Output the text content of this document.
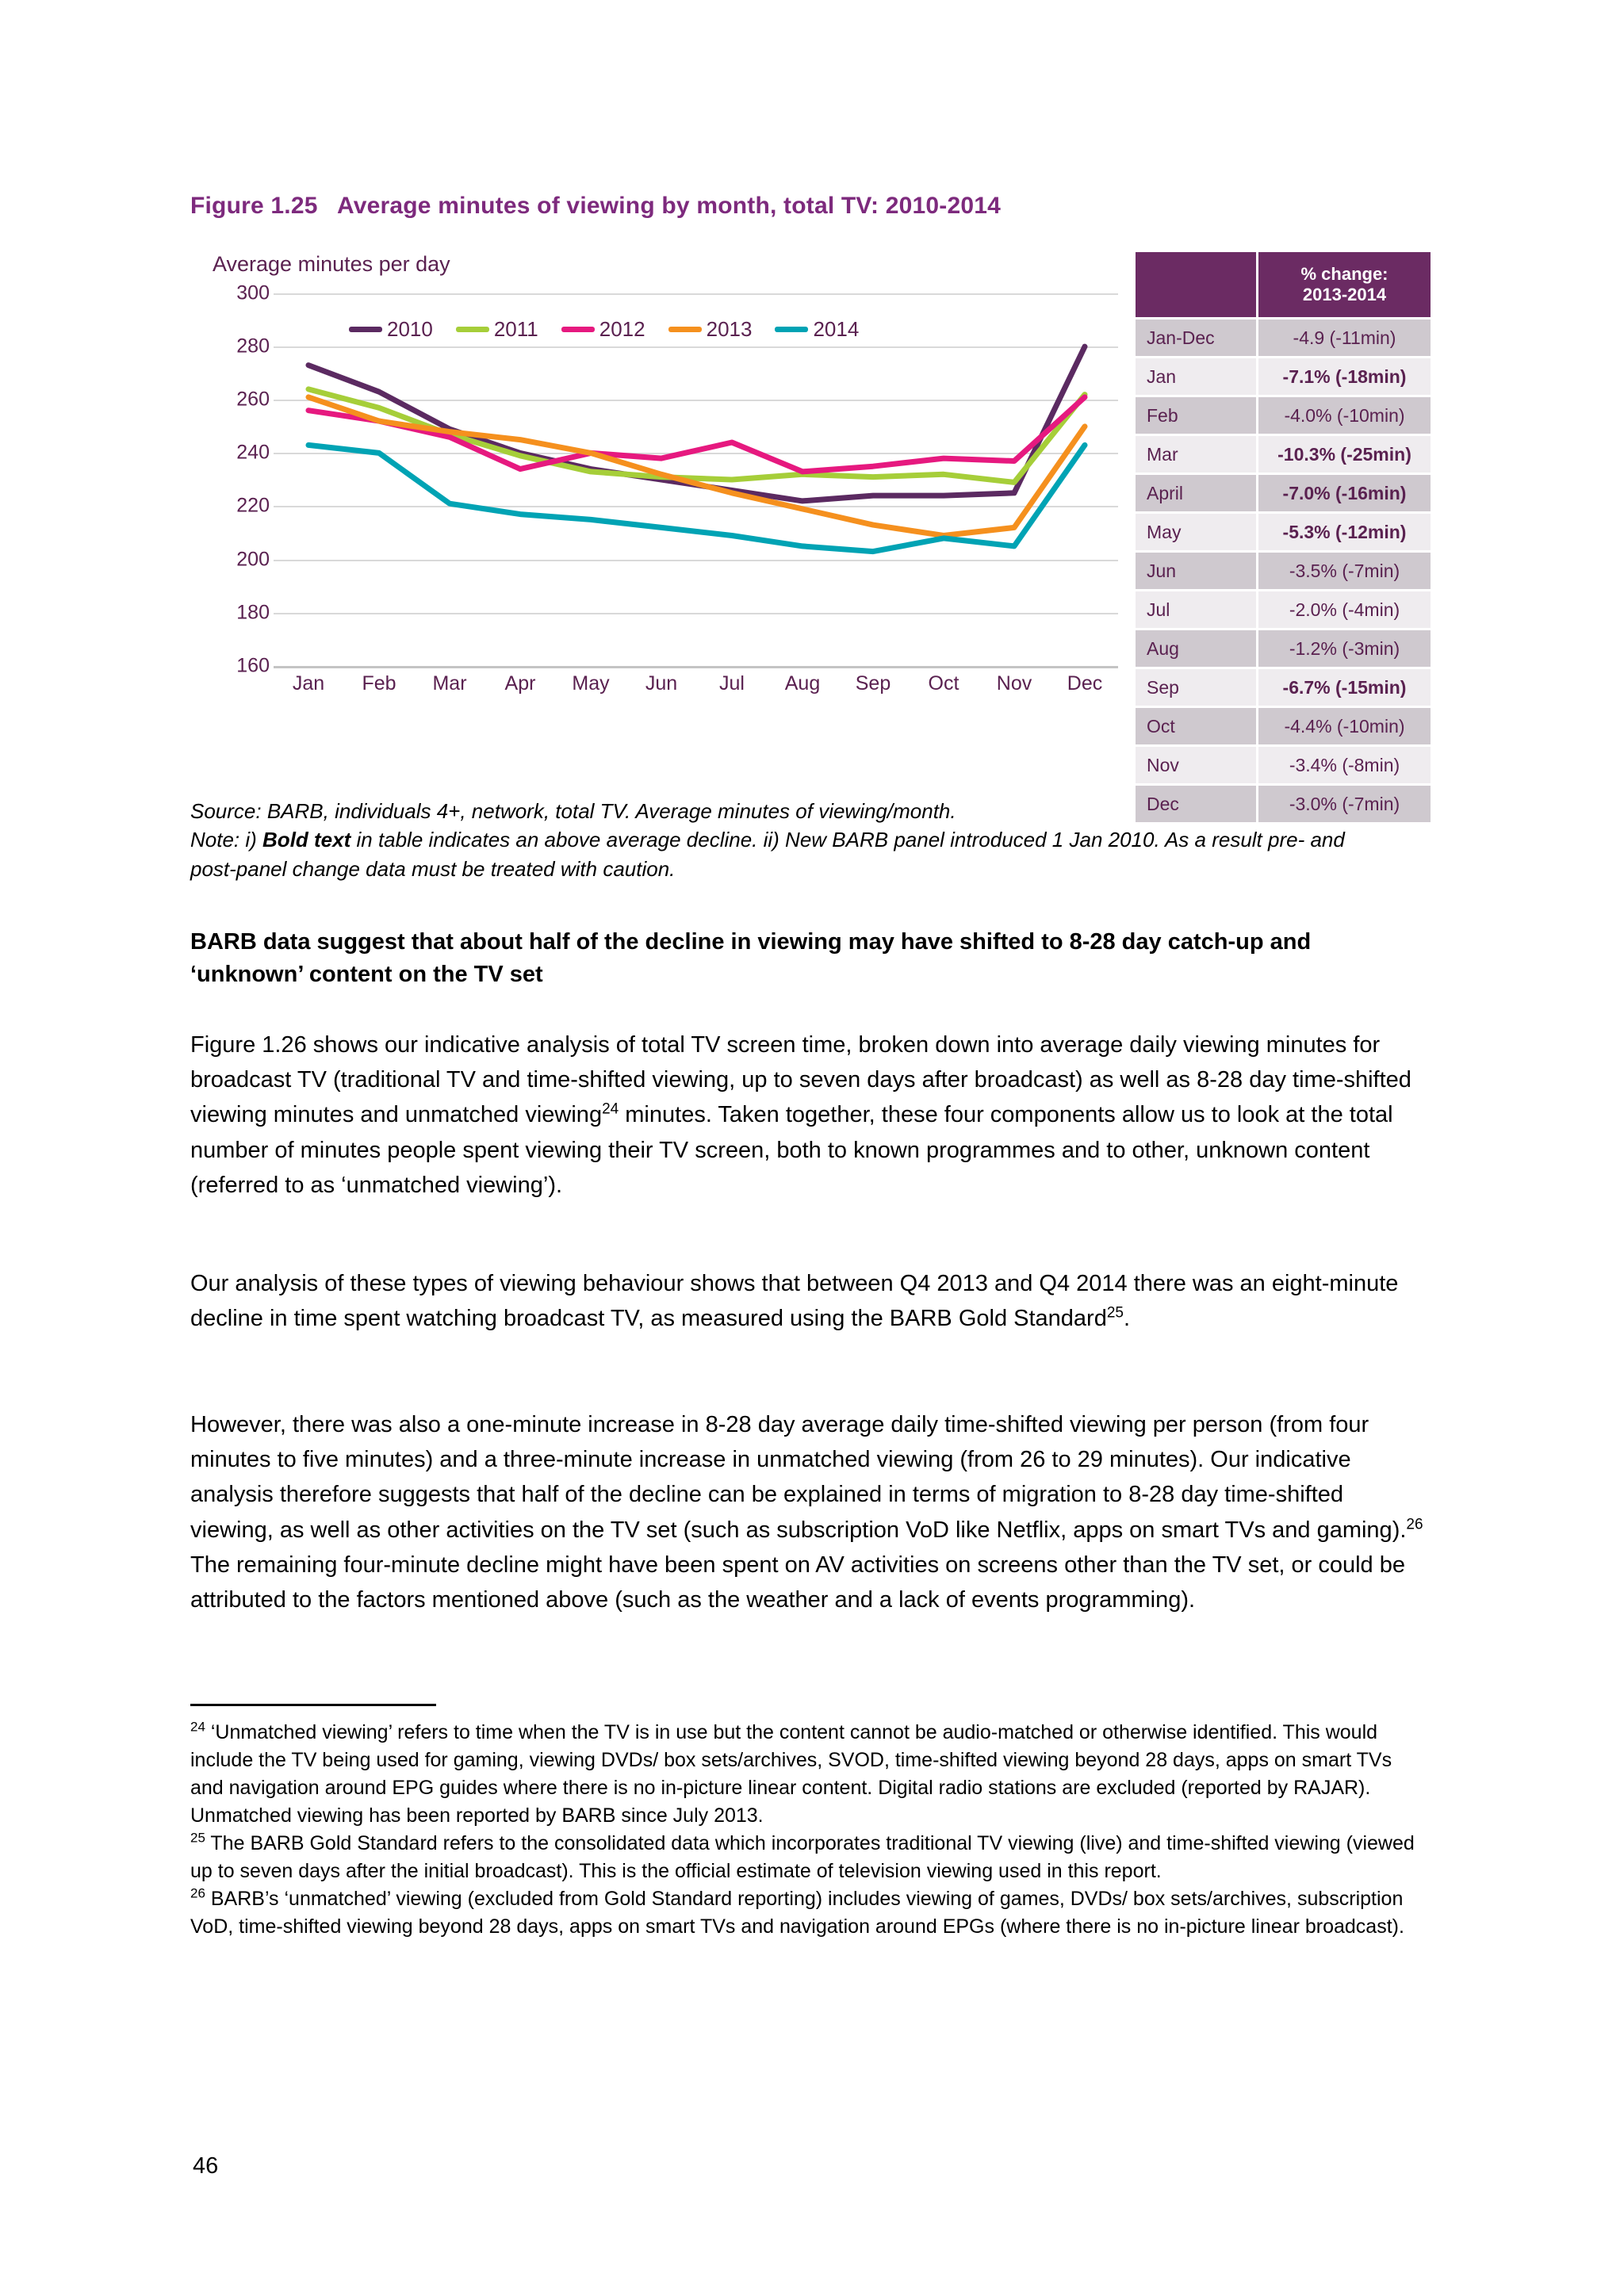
Figure 1.25 Average minutes of viewing by month, total TV: 2010-2014
Average minutes per day
300
280
260
240
220
200
180
160
Jan Feb Mar Apr May Jun Jul Aug Sep Oct Nov Dec
2010	2011	2012	2013	2014
% change:
2013-2014
Jan-Dec	-4.9 (-11min)
Jan	-7.1% (-18min)
Feb	-4.0% (-10min)
Mar	-10.3% (-25min)
April	-7.0% (-16min)
May	-5.3% (-12min)
Jun	-3.5% (-7min)
Jul	-2.0% (-4min)
Aug	-1.2% (-3min)
Sep	-6.7% (-15min)
Oct	-4.4% (-10min)
Nov	-3.4% (-8min)
Dec	-3.0% (-7min)
Source: BARB, individuals 4+, network, total TV. Average minutes of viewing/month.
Note: i) Bold text in table indicates an above average decline. ii) New BARB panel introduced 1 Jan 2010. As a result pre- and post-panel change data must be treated with caution.
BARB data suggest that about half of the decline in viewing may have shifted to 8-28 day catch-up and ‘unknown’ content on the TV set
Figure 1.26 shows our indicative analysis of total TV screen time, broken down into average daily viewing minutes for broadcast TV (traditional TV and time-shifted viewing, up to seven days after broadcast) as well as 8-28 day time-shifted viewing minutes and unmatched viewing$^{24}$ minutes. Taken together, these four components allow us to look at the total number of minutes people spent viewing their TV screen, both to known programmes and to other, unknown content (referred to as ‘unmatched viewing’).
Our analysis of these types of viewing behaviour shows that between Q4 2013 and Q4 2014 there was an eight-minute decline in time spent watching broadcast TV, as measured using the BARB Gold Standard$^{25}$.
However, there was also a one-minute increase in 8-28 day average daily time-shifted viewing per person (from four minutes to five minutes) and a three-minute increase in unmatched viewing (from 26 to 29 minutes). Our indicative analysis therefore suggests that half of the decline can be explained in terms of migration to 8-28 day time-shifted viewing, as well as other activities on the TV set (such as subscription VoD like Netflix, apps on smart TVs and gaming).$^{26}$ The remaining four-minute decline might have been spent on AV activities on screens other than the TV set, or could be attributed to the factors mentioned above (such as the weather and a lack of events programming).

$^{24}$ ‘Unmatched viewing’ refers to time when the TV is in use but the content cannot be audio-matched or otherwise identified. This would include the TV being used for gaming, viewing DVDs/ box sets/archives, SVOD, time-shifted viewing beyond 28 days, apps on smart TVs and navigation around EPG guides where there is no in-picture linear content. Digital radio stations are excluded (reported by RAJAR). Unmatched viewing has been reported by BARB since July 2013.

$^{25}$ The BARB Gold Standard refers to the consolidated data which incorporates traditional TV viewing (live) and time-shifted viewing (viewed up to seven days after the initial broadcast). This is the official estimate of television viewing used in this report.

$^{26}$ BARB’s ‘unmatched’ viewing (excluded from Gold Standard reporting) includes viewing of games, DVDs/ box sets/archives, subscription VoD, time-shifted viewing beyond 28 days, apps on smart TVs and navigation around EPGs (where there is no in-picture linear broadcast).

46
